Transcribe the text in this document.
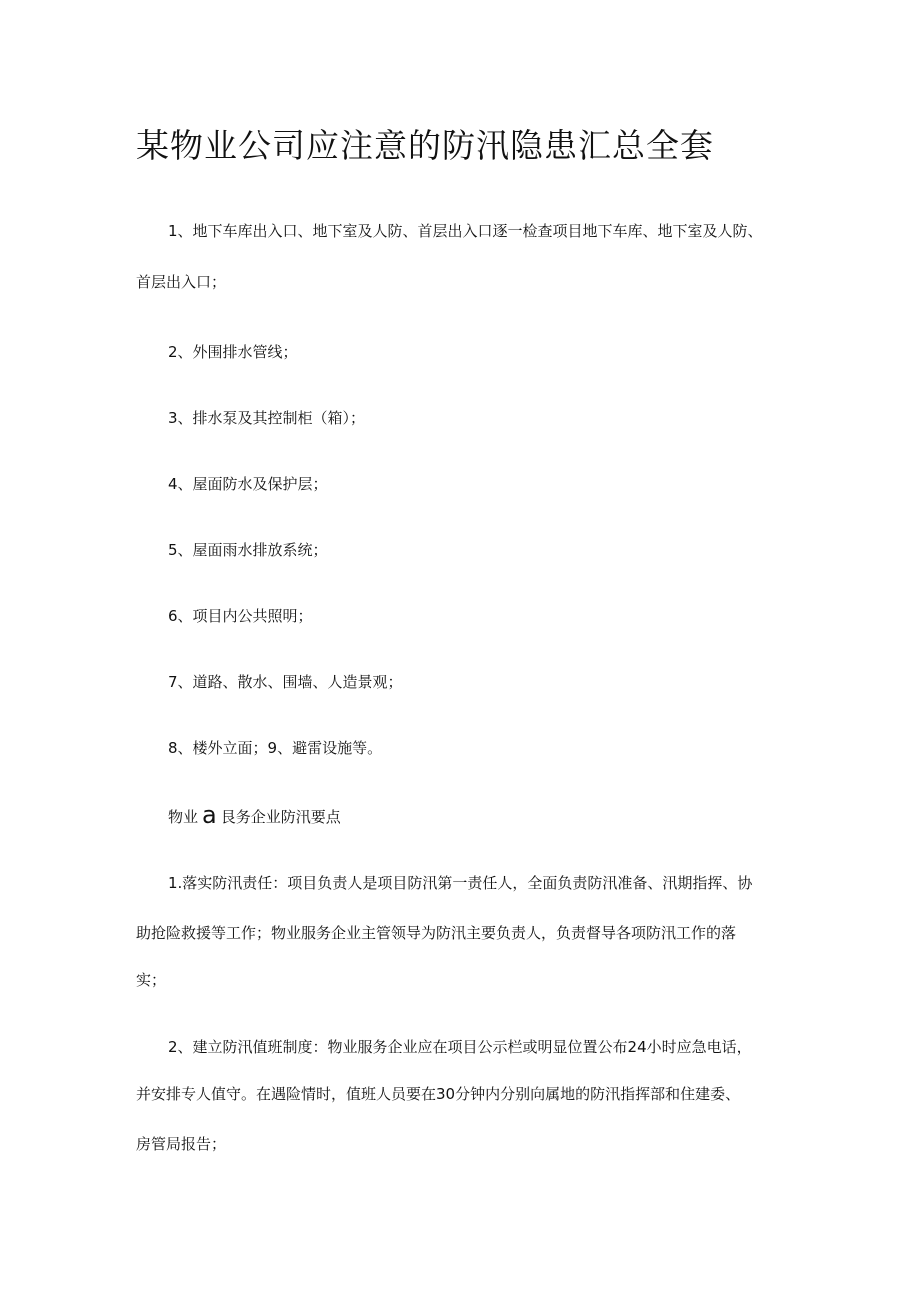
某物业公司应注意的防汛隐患汇总全套
1、地下车库出入口、地下室及人防、首层出入口逐一检查项目地下车库、地下室及人防、
首层出入口；
2、外围排水管线；
3、排水泵及其控制柜（箱）；
4、屋面防水及保护层；
5、屋面雨水排放系统；
6、项目内公共照明；
7、道路、散水、围墙、人造景观；
8、楼外立面；9、避雷设施等。
物业 a 艮务企业防汛要点
1.落实防汛责任：项目负责人是项目防汛第一责任人，全面负责防汛准备、汛期指挥、协
助抢险救援等工作；物业服务企业主管领导为防汛主要负责人，负责督导各项防汛工作的落
实；
2、建立防汛值班制度：物业服务企业应在项目公示栏或明显位置公布24小时应急电话，
并安排专人值守。在遇险情时，值班人员要在30分钟内分别向属地的防汛指挥部和住建委、
房管局报告；
